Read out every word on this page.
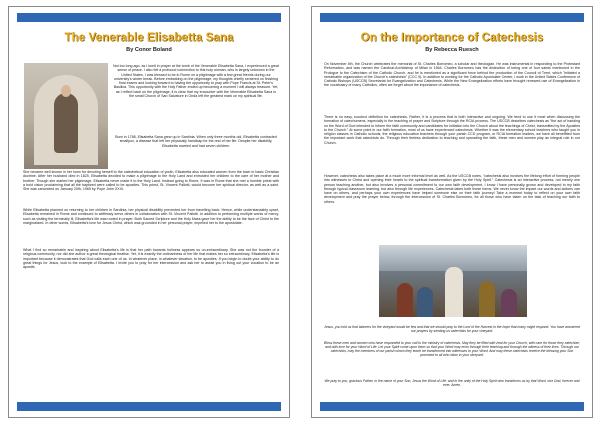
The Venerable Elisabetta Sana
By Conor Boland

Not too long ago, as I knelt in prayer at the tomb of the Venerable Elisabetta Sana, I experienced a great sense of peace. I also felt a profound connection to this holy woman, who is largely unknown in the United States. I was blessed to be in Rome on a pilgrimage with a few great friends during our university's winter break. Before embarking on the pilgrimage, my thoughts chiefly centered on finishing final exams and looking forward to having the opportunity to pray with Pope Francis at St. Peter's Basilica. This opportunity with the Holy Father ended up becoming a moment I will always treasure. Yet, as I reflect back on the pilgrimage, it is clear that my encounter with the Venerable Elisabetta Sana in the small Church of San Salvatore in Onda left the greatest mark on my spiritual life.

Born in 1788, Elisabetta Sana grew up in Sardinia. When only three months old, Elisabetta contracted smallpox, a disease that left her physically handicap for the rest of her life. Despite her disability, Elisabetta married and had seven children.

She became well known in her town for devoting herself to the catechetical education of youth, Elisabetta also educated women from the town in basic Christian doctrine. After her husband died in 1825, Elisabetta decided to make a pilgrimage to the Holy Land and entrusted her children to the care of her mother and brother. Though she started her pilgrimage, Elisabetta never made it to the Holy Land. Instead going to Rome. It was in Rome that she met a humble priest with a bold vision proclaiming that all the baptized were called to be apostles. This priest, St. Vincent Pallotti, would become her spiritual director, as well as a saint. She was canonized on January 20th, 1965 by Pope John XXIII.

While Elisabetta planned on returning to her children in Sardinia, her physical disability prevented her from travelling back. Hence, while understandably upset, Elisabetta remained in Rome and continued to selflessly serve others in collaboration with St. Vincent Pallotti. In addition to performing multiple works of mercy, such as visiting the terminally ill, Elisabetta's life was rooted in prayer. Both Sacred Scripture and the Holy Mass gave her the ability to be the face of Christ to the marginalized. In other words, Elisabetta's love for Jesus Christ, which was grounded in her personal prayer, impelled her to the apostolate.

What I find so remarkable and inspiring about Elisabetta's life is that her path towards holiness appears so un-extraordinary. She was not the founder of a religious community, nor did she author a great theological treatise. Yet, it is exactly the ordinariness of her life that makes her so extraordinary. Elisabetta's life is important because it demonstrates that God calls each one of us. In whatever place, in whatever situation, to be apostles. If you begin to doubt your ability to do great things for Jesus, look to the example of Elisabetta. I invite you to pray for her intercession and ask her to assist you in living out your vocation to be an apostle.

On the Importance of Catechesis
By Rebecca Ruesch

On November 4th, the Church celebrates the memorial of St. Charles Borromeo, a scholar and theologian. He was instrumental in responding to the Protestant Reformation, and was named the Cardinal-Archbishop of Milan in 1564. Charles Borromeo has the distinction of being one of four saints mentioned in the Prologue to the Catechism of the Catholic Church, and he is mentioned as a significant force behind the production of the Council of Trent, which "initiated a remarkable organization of the Church's catechesis" (CCC 9). In addition to working for the Catholic Apostolate Center, I work in the United States Conference of Catholic Bishops (USCCB) Secretariat for Evangelization and Catechesis. While the New Evangelization efforts have brought renewed use of Evangelization in the vocabulary of many Catholics, often we forget about the importance of catechesis.

There is no easy, succinct definition for catechesis. Rather, it is a process that is both interactive and ongoing. We tend to use it most when discussing the formation of catechumens, especially in the teaching of prayer and Scripture through the RCIA process. The USCCB describes catechesis as "the act of handing on the Word of God intended to inform the faith community and candidates for initiation into the Church about the teachings of Christ, transmitted by the Apostles to the Church." At some point in our faith formation, most of us have experienced catechesis. Whether it was the elementary school teachers who taught you in religion classes in Catholic schools, the religious education teachers through your parish CCD program, or RCIA formation leaders, we have all benefitted from the important work that catechists do. Through their tireless dedication to teaching and spreading the faith, these men and women play an integral role in our Church.

However, catechesis also takes place at a much more informal level as well. As the USCCB notes, "catechesis also involves the lifelong effort of forming people into witnesses to Christ and opening their hearts to the spiritual transformation given by the Holy Spirit." Catechesis is an interactive process, not merely one person teaching another, but also involves a personal commitment to our own faith development. I know I have personally grown and developed in my faith through typical classroom learning, but also through life experiences. Catechesis takes both these forms. We never know the impact our words and actions can have on others, and perhaps your own experiences have helped someone else on their faith journey! Take a moment today to reflect on your own faith development and pray the prayer below, through the intercession of St. Charles Borromeo, for all those who have taken on the task of teaching our faith to others.

Jesus, you told us that laborers for the vineyard would be few and that we should pray to the Lord of the Harvest in the hope that many might respond. You have answered our prayers by sending us catechists for your vineyard.

Bless these men and women who have responded to your call to the ministry of catechesis. May they be filled with zeal for your Church, with care for those they catechize, and with love for your Word of Life. Let your Spirit come upon them so that your Word may echo through their teaching and through the witness of their lives. Through our catechists, may the members of our parish whom they teach be transformed into witnesses to your Word. And may these catechists receive the blessing your Son promised to all who labor in your vineyard.

We pray to you, gracious Father, in the name of your Son, Jesus the Word of Life, and in the unity of the Holy Spirit who transforms us by that Word, one God, forever and ever. Amen.
